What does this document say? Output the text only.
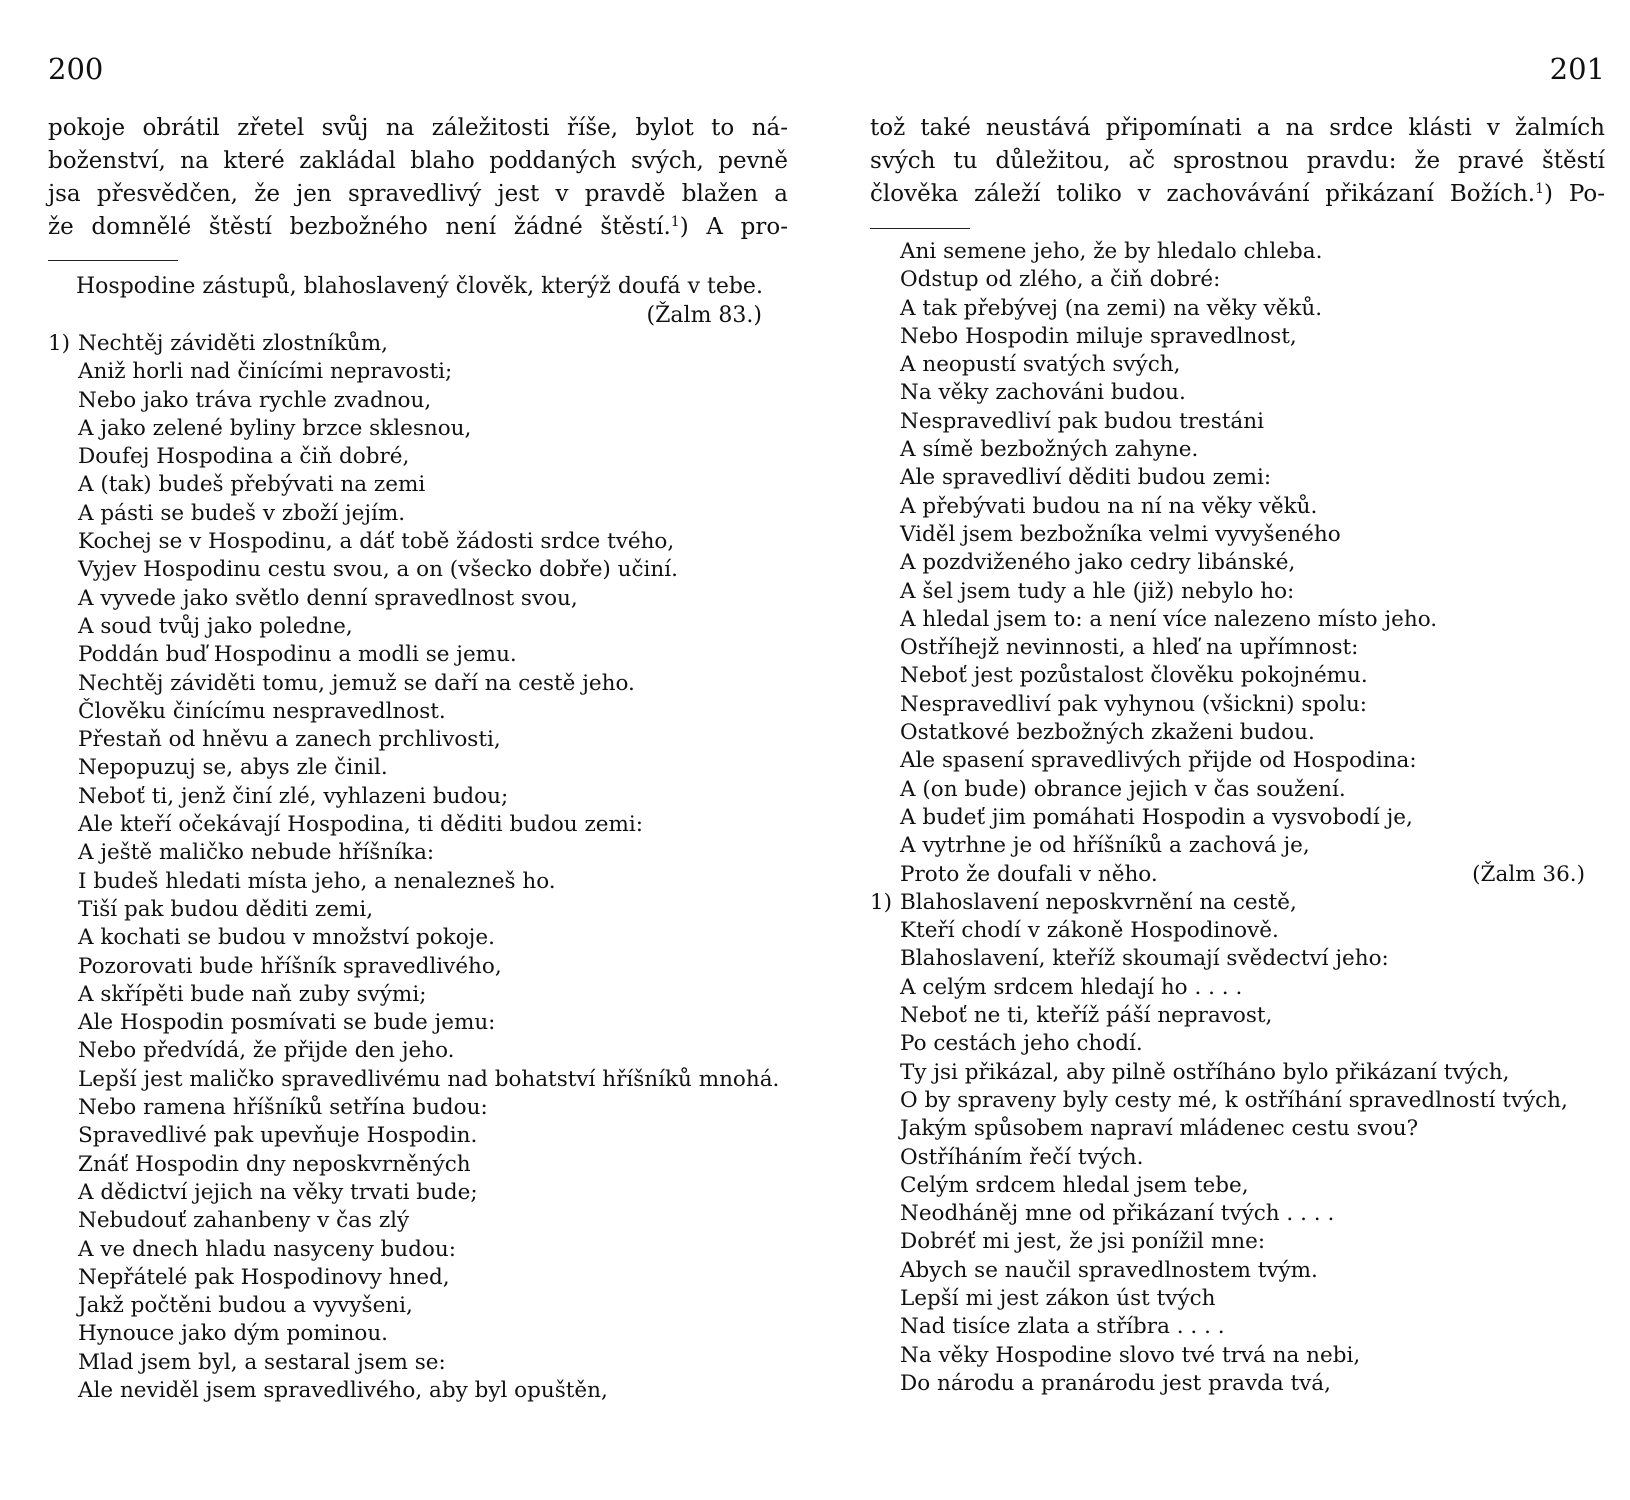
200
pokoje obrátil zřetel svůj na záležitosti říše, bylot to ná-
boženství, na které zakládal blaho poddaných svých, pevně
jsa přesvědčen, že jen spravedlivý jest v pravdě blažen a
že domnělé štěstí bezbožného není žádné štěstí.$^1$) A pro-
Hospodine zástupů, blahoslavený člověk, kterýž doufá v tebe.
(Žalm 83.)
1) Nechtěj záviděti zlostníkům,
Aniž horli nad činícími nepravosti;
Nebo jako tráva rychle zvadnou,
A jako zelené byliny brzce sklesnou,
Doufej Hospodina a čiň dobré,
A (tak) budeš přebývati na zemi
A pásti se budeš v zboží jejím.
Kochej se v Hospodinu, a dáť tobě žádosti srdce tvého,
Vyjev Hospodinu cestu svou, a on (všecko dobře) učiní.
A vyvede jako světlo denní spravedlnost svou,
A soud tvůj jako poledne,
Poddán buď Hospodinu a modli se jemu.
Nechtěj záviděti tomu, jemuž se daří na cestě jeho.
Člověku činícímu nespravedlnost.
Přestaň od hněvu a zanech prchlivosti,
Nepopuzuj se, abys zle činil.
Neboť ti, jenž činí zlé, vyhlazeni budou;
Ale kteří očekávají Hospodina, ti děditi budou zemi:
A ještě maličko nebude hříšníka:
I budeš hledati místa jeho, a nenalezneš ho.
Tiší pak budou děditi zemi,
A kochati se budou v množství pokoje.
Pozorovati bude hříšník spravedlivého,
A skřípěti bude naň zuby svými;
Ale Hospodin posmívati se bude jemu:
Nebo předvídá, že přijde den jeho.
Lepší jest maličko spravedlivému nad bohatství hříšníků mnohá.
Nebo ramena hříšníků setřína budou:
Spravedlivé pak upevňuje Hospodin.
Znáť Hospodin dny neposkvrněných
A dědictví jejich na věky trvati bude;
Nebudouť zahanbeny v čas zlý
A ve dnech hladu nasyceny budou:
Nepřátelé pak Hospodinovy hned,
Jakž počtěni budou a vyvyšeni,
Hynouce jako dým pominou.
Mlad jsem byl, a sestaral jsem se:
Ale neviděl jsem spravedlivého, aby byl opuštěn,
201
tož také neustává připomínati a na srdce klásti v žalmích
svých tu důležitou, ač sprostnou pravdu: že pravé štěstí
člověka záleží toliko v zachovávání přikázaní Božích.$^1$) Po-
Ani semene jeho, že by hledalo chleba.
Odstup od zlého, a čiň dobré:
A tak přebývej (na zemi) na věky věků.
Nebo Hospodin miluje spravedlnost,
A neopustí svatých svých,
Na věky zachováni budou.
Nespravedliví pak budou trestáni
A símě bezbožných zahyne.
Ale spravedliví děditi budou zemi:
A přebývati budou na ní na věky věků.
Viděl jsem bezbožníka velmi vyvyšeného
A pozdviženého jako cedry libánské,
A šel jsem tudy a hle (již) nebylo ho:
A hledal jsem to: a není více nalezeno místo jeho.
Ostříhejž nevinnosti, a hleď na upřímnost:
Neboť jest pozůstalost člověku pokojnému.
Nespravedliví pak vyhynou (všickni) spolu:
Ostatkové bezbožných zkaženi budou.
Ale spasení spravedlivých přijde od Hospodina:
A (on bude) obrance jejich v čas soužení.
A budeť jim pomáhati Hospodin a vysvobodí je,
A vytrhne je od hříšníků a zachová je,
Proto že doufali v něho.	(Žalm 36.)
1) Blahoslavení neposkvrnění na cestě,
Kteří chodí v zákoně Hospodinově.
Blahoslavení, kteříž skoumají svědectví jeho:
A celým srdcem hledají ho . . . .
Neboť ne ti, kteříž páší nepravost,
Po cestách jeho chodí.
Ty jsi přikázal, aby pilně ostříháno bylo přikázaní tvých,
O by spraveny byly cesty mé, k ostříhání spravedlností tvých,
Jakým spůsobem napraví mládenec cestu svou?
Ostříháním řečí tvých.
Celým srdcem hledal jsem tebe,
Neodháněj mne od přikázaní tvých . . . .
Dobréť mi jest, že jsi ponížil mne:
Abych se naučil spravedlnostem tvým.
Lepší mi jest zákon úst tvých
Nad tisíce zlata a stříbra . . . .
Na věky Hospodine slovo tvé trvá na nebi,
Do národu a pranárodu jest pravda tvá,
